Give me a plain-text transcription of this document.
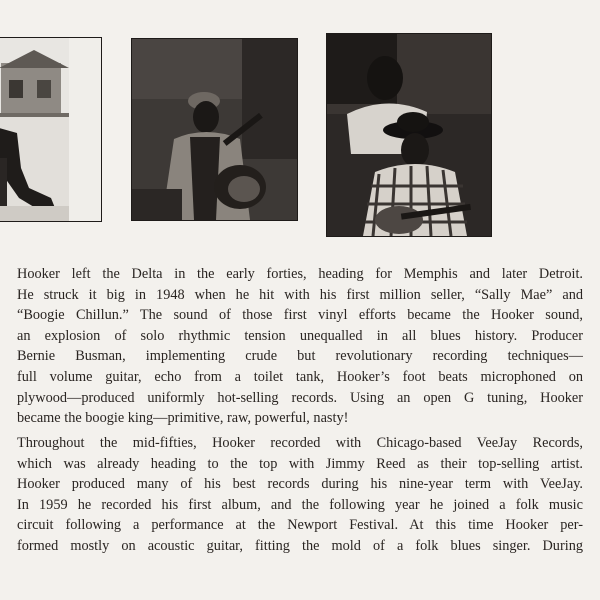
Hooker left the Delta in the early forties, heading for Memphis and later Detroit.
He struck it big in 1948 when he hit with his first million seller, “Sally Mae” and
“Boogie Chillun.” The sound of those first vinyl efforts became the Hooker sound,
an explosion of solo rhythmic tension unequalled in all blues history. Producer
Bernie Busman, implementing crude but revolutionary recording techniques—
full volume guitar, echo from a toilet tank, Hooker’s foot beats microphoned on
plywood—produced uniformly hot-selling records. Using an open G tuning, Hooker
became the boogie king—primitive, raw, powerful, nasty!
Throughout the mid-fifties, Hooker recorded with Chicago-based VeeJay Records,
which was already heading to the top with Jimmy Reed as their top-selling artist.
Hooker produced many of his best records during his nine-year term with VeeJay.
In 1959 he recorded his first album, and the following year he joined a folk music
circuit following a performance at the Newport Festival. At this time Hooker per-
formed mostly on acoustic guitar, fitting the mold of a folk blues singer. During
